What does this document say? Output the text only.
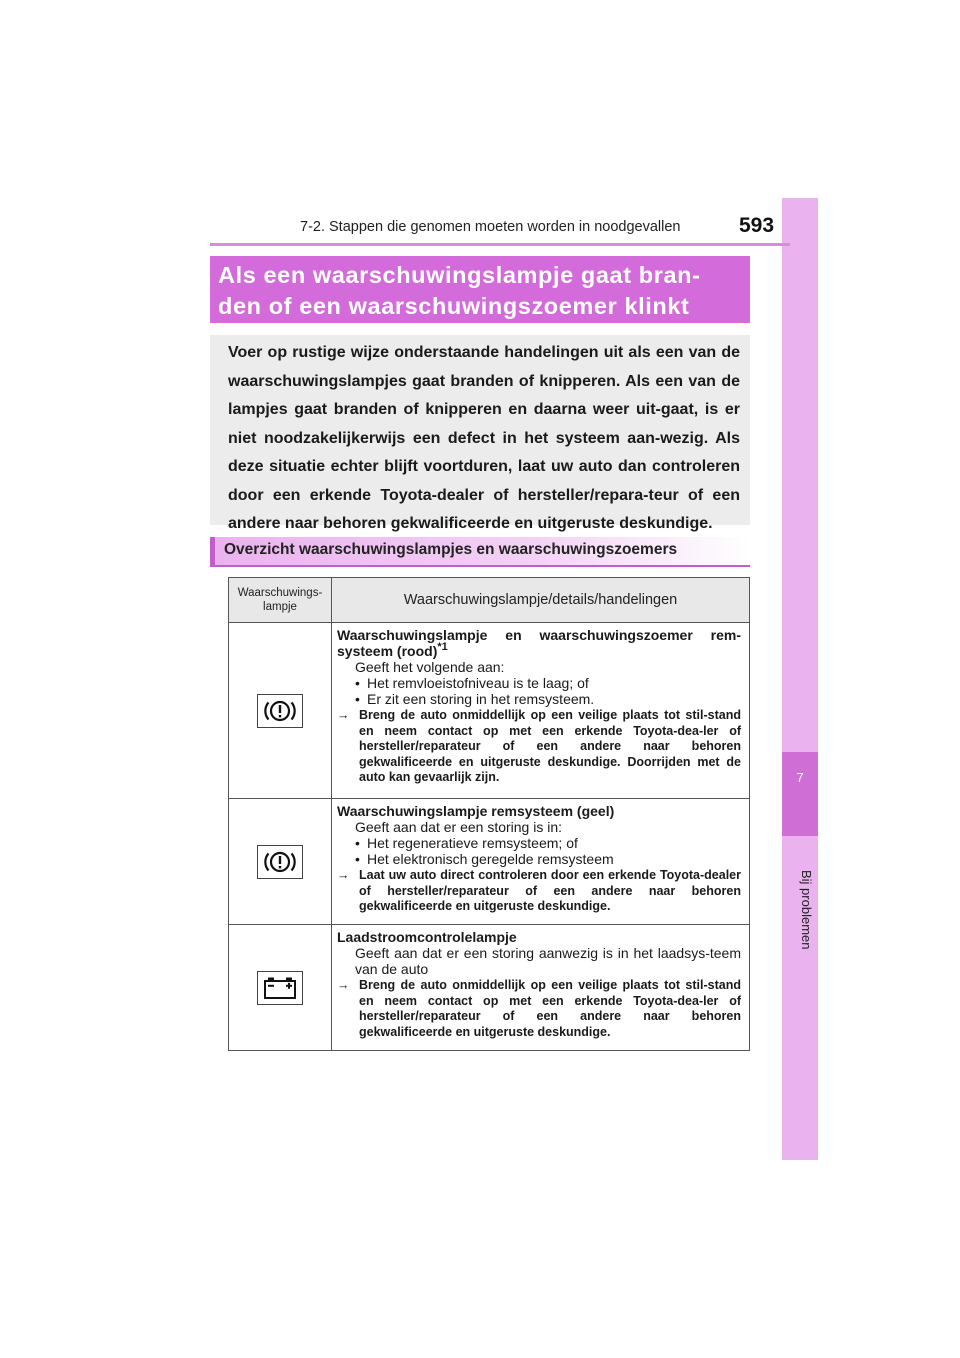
7
Bij problemen
7-2. Stappen die genomen moeten worden in noodgevallen	593
Als een waarschuwingslampje gaat bran-
den of een waarschuwingszoemer klinkt
Voer op rustige wijze onderstaande handelingen uit als een van de waarschuwingslampjes gaat branden of knipperen. Als een van de lampjes gaat branden of knipperen en daarna weer uit-gaat, is er niet noodzakelijkerwijs een defect in het systeem aan-wezig. Als deze situatie echter blijft voortduren, laat uw auto dan controleren door een erkende Toyota-dealer of hersteller/repara-teur of een andere naar behoren gekwalificeerde en uitgeruste deskundige.
Overzicht waarschuwingslampjes en waarschuwingszoemers
Waarschuwings-lampje	Waarschuwingslampje/details/handelingen

Waarschuwingslampje en waarschuwingszoemer rem-systeem (rood)$^{*1}$
Geeft het volgende aan:
• Het remvloeistofniveau is te laag; of
• Er zit een storing in het remsysteem.
→ Breng de auto onmiddellijk op een veilige plaats tot stil-stand en neem contact op met een erkende Toyota-dea-ler of hersteller/reparateur of een andere naar behoren gekwalificeerde en uitgeruste deskundige. Doorrijden met de auto kan gevaarlijk zijn.

Waarschuwingslampje remsysteem (geel)
Geeft aan dat er een storing is in:
• Het regeneratieve remsysteem; of
• Het elektronisch geregelde remsysteem
→ Laat uw auto direct controleren door een erkende Toyota-dealer of hersteller/reparateur of een andere naar behoren gekwalificeerde en uitgeruste deskundige.

Laadstroomcontrolelampje
Geeft aan dat er een storing aanwezig is in het laadsys-teem van de auto
→ Breng de auto onmiddellijk op een veilige plaats tot stil-stand en neem contact op met een erkende Toyota-dea-ler of hersteller/reparateur of een andere naar behoren gekwalificeerde en uitgeruste deskundige.
